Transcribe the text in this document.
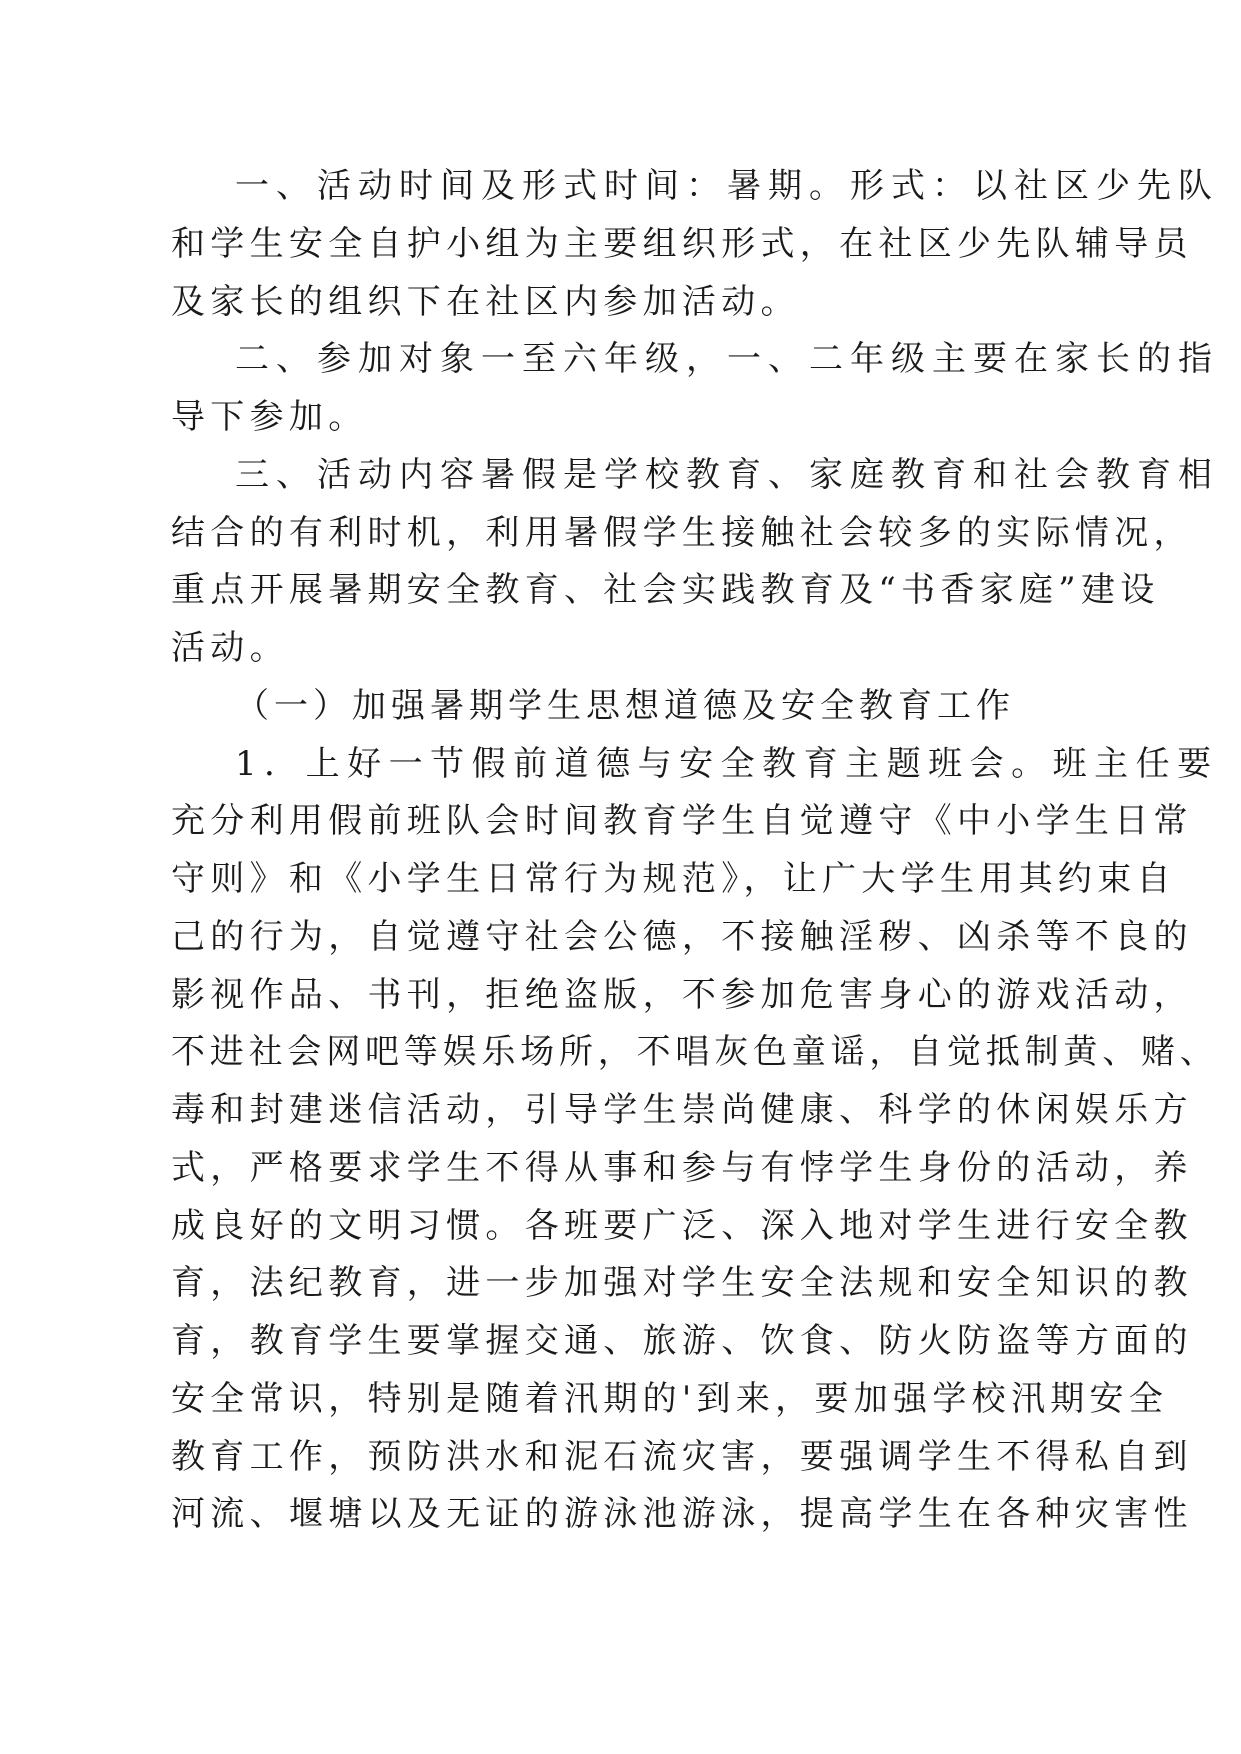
一、活动时间及形式时间：暑期。形式：以社区少先队

和学生安全自护小组为主要组织形式，在社区少先队辅导员

及家长的组织下在社区内参加活动。

二、参加对象一至六年级，一、二年级主要在家长的指

导下参加。

三、活动内容暑假是学校教育、家庭教育和社会教育相

结合的有利时机，利用暑假学生接触社会较多的实际情况，

重点开展暑期安全教育、社会实践教育及“书香家庭”建设

活动。

（一）加强暑期学生思想道德及安全教育工作

1．上好一节假前道德与安全教育主题班会。班主任要

充分利用假前班队会时间教育学生自觉遵守《中小学生日常

守则》和《小学生日常行为规范》，让广大学生用其约束自

己的行为，自觉遵守社会公德，不接触淫秽、凶杀等不良的

影视作品、书刊，拒绝盗版，不参加危害身心的游戏活动，

不进社会网吧等娱乐场所，不唱灰色童谣，自觉抵制黄、赌、

毒和封建迷信活动，引导学生崇尚健康、科学的休闲娱乐方

式，严格要求学生不得从事和参与有悖学生身份的活动，养

成良好的文明习惯。各班要广泛、深入地对学生进行安全教

育，法纪教育，进一步加强对学生安全法规和安全知识的教

育，教育学生要掌握交通、旅游、饮食、防火防盗等方面的

安全常识，特别是随着汛期的'到来，要加强学校汛期安全

教育工作，预防洪水和泥石流灾害，要强调学生不得私自到

河流、堰塘以及无证的游泳池游泳，提高学生在各种灾害性
